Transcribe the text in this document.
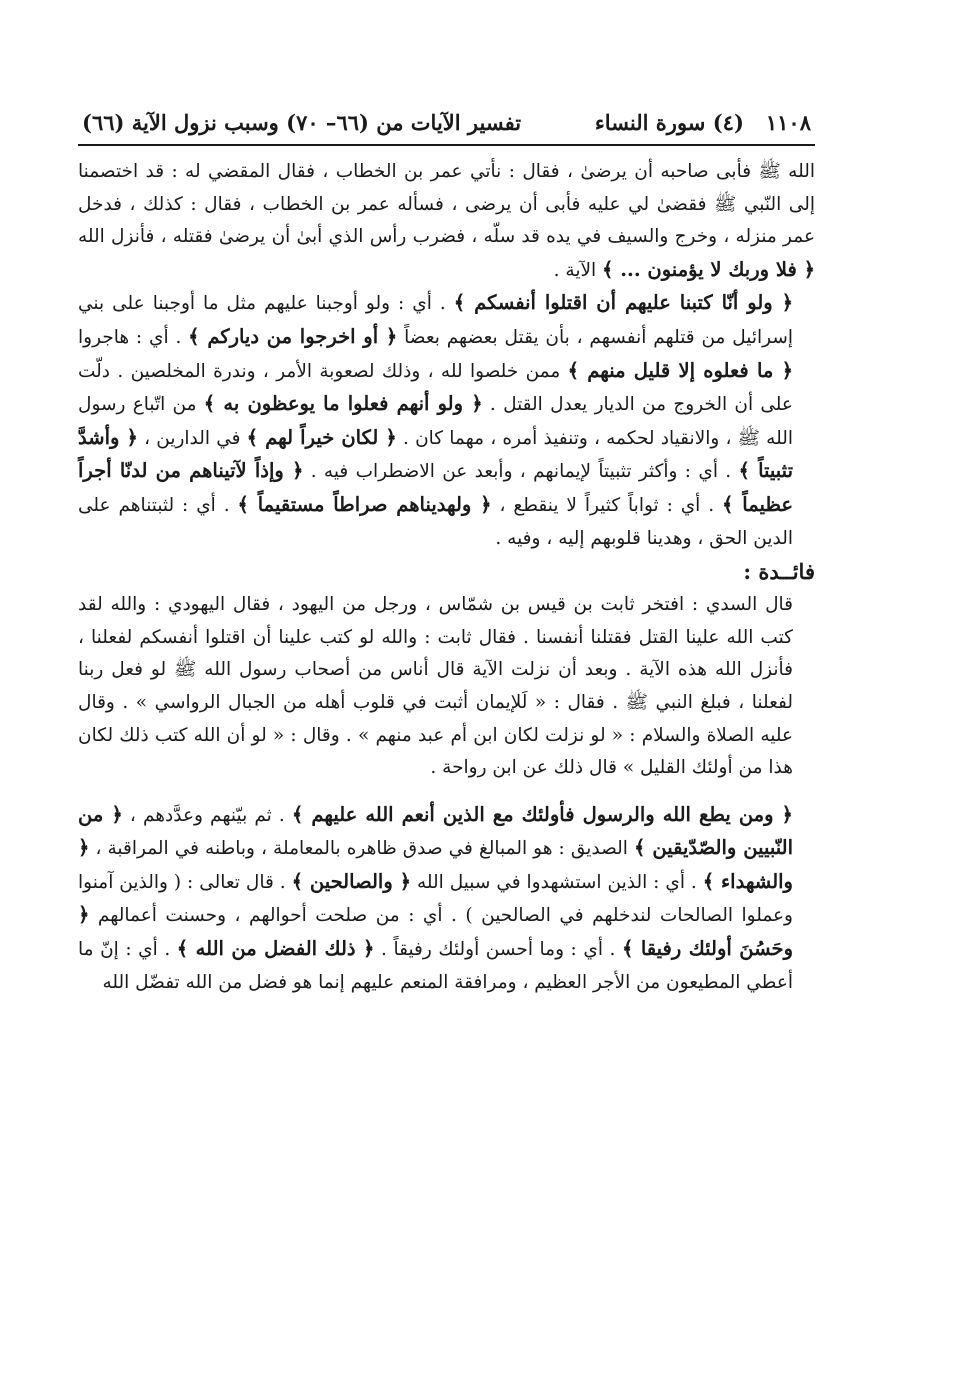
١١٠٨
(٤) سورة النساء
تفسير الآيات من (٦٦– ٧٠) وسبب نزول الآية (٦٦)

الله ﷺ فأبى صاحبه أن يرضىٰ ، فقال : نأتي عمر بن الخطاب ، فقال المقضي له : قد اختصمنا إلى النّبي ﷺ فقضىٰ لي عليه فأبى أن يرضى ، فسأله عمر بن الخطاب ، فقال : كذلك ، فدخل عمر منزله ، وخرج والسيف في يده قد سلّه ، فضرب رأس الذي أبىٰ أن يرضىٰ فقتله ، فأنزل الله ﴿ فلا وربك لا يؤمنون ... ﴾ الآية .

﴿ ولو أنّا كتبنا عليهم أن اقتلوا أنفسكم ﴾ . أي : ولو أوجبنا عليهم مثل ما أوجبنا على بني إسرائيل من قتلهم أنفسهم ، بأن يقتل بعضهم بعضاً ﴿ أو اخرجوا من دياركم ﴾ . أي : هاجروا ﴿ ما فعلوه إلا قليل منهم ﴾ ممن خلصوا لله ، وذلك لصعوبة الأمر ، وندرة المخلصين . دلّت على أن الخروج من الديار يعدل القتل . ﴿ ولو أنهم فعلوا ما يوعظون به ﴾ من اتّباع رسول الله ﷺ ، والانقياد لحكمه ، وتنفيذ أمره ، مهما كان . ﴿ لكان خيراً لهم ﴾ في الدارين ، ﴿ وأشدَّ تثبيتاً ﴾ . أي : وأكثر تثبيتاً لإيمانهم ، وأبعد عن الاضطراب فيه . ﴿ وإذاً لآتيناهم من لدنّا أجراً عظيماً ﴾ . أي : ثواباً كثيراً لا ينقطع ، ﴿ ولهديناهم صراطاً مستقيماً ﴾ . أي : لثبتناهم على الدين الحق ، وهدينا قلوبهم إليه ، وفيه .

فائــدة :

قال السدي : افتخر ثابت بن قيس بن شمّاس ، ورجل من اليهود ، فقال اليهودي : والله لقد كتب الله علينا القتل فقتلنا أنفسنا . فقال ثابت : والله لو كتب علينا أن اقتلوا أنفسكم لفعلنا ، فأنزل الله هذه الآية . وبعد أن نزلت الآية قال أناس من أصحاب رسول الله ﷺ لو فعل ربنا لفعلنا ، فبلغ النبي ﷺ . فقال : « لَلإيمان أثبت في قلوب أهله من الجبال الرواسي » . وقال عليه الصلاة والسلام : « لو نزلت لكان ابن أم عبد منهم » . وقال : « لو أن الله كتب ذلك لكان هذا من أولئك القليل » قال ذلك عن ابن رواحة .

﴿ ومن يطع الله والرسول فأولئك مع الذين أنعم الله عليهم ﴾ . ثم بيّنهم وعدَّدهم ، ﴿ من النّبيين والصّدّيقين ﴾ الصديق : هو المبالغ في صدق ظاهره بالمعاملة ، وباطنه في المراقبة ، ﴿ والشهداء ﴾ . أي : الذين استشهدوا في سبيل الله ﴿ والصالحين ﴾ . قال تعالى : ( والذين آمنوا وعملوا الصالحات لندخلهم في الصالحين ) . أي : من صلحت أحوالهم ، وحسنت أعمالهم ﴿ وحَسُنَ أولئك رفيقا ﴾ . أي : وما أحسن أولئك رفيقاً . ﴿ ذلك الفضل من الله ﴾ . أي : إنّ ما أعطي المطيعون من الأجر العظيم ، ومرافقة المنعم عليهم إنما هو فضل من الله تفضّل الله
